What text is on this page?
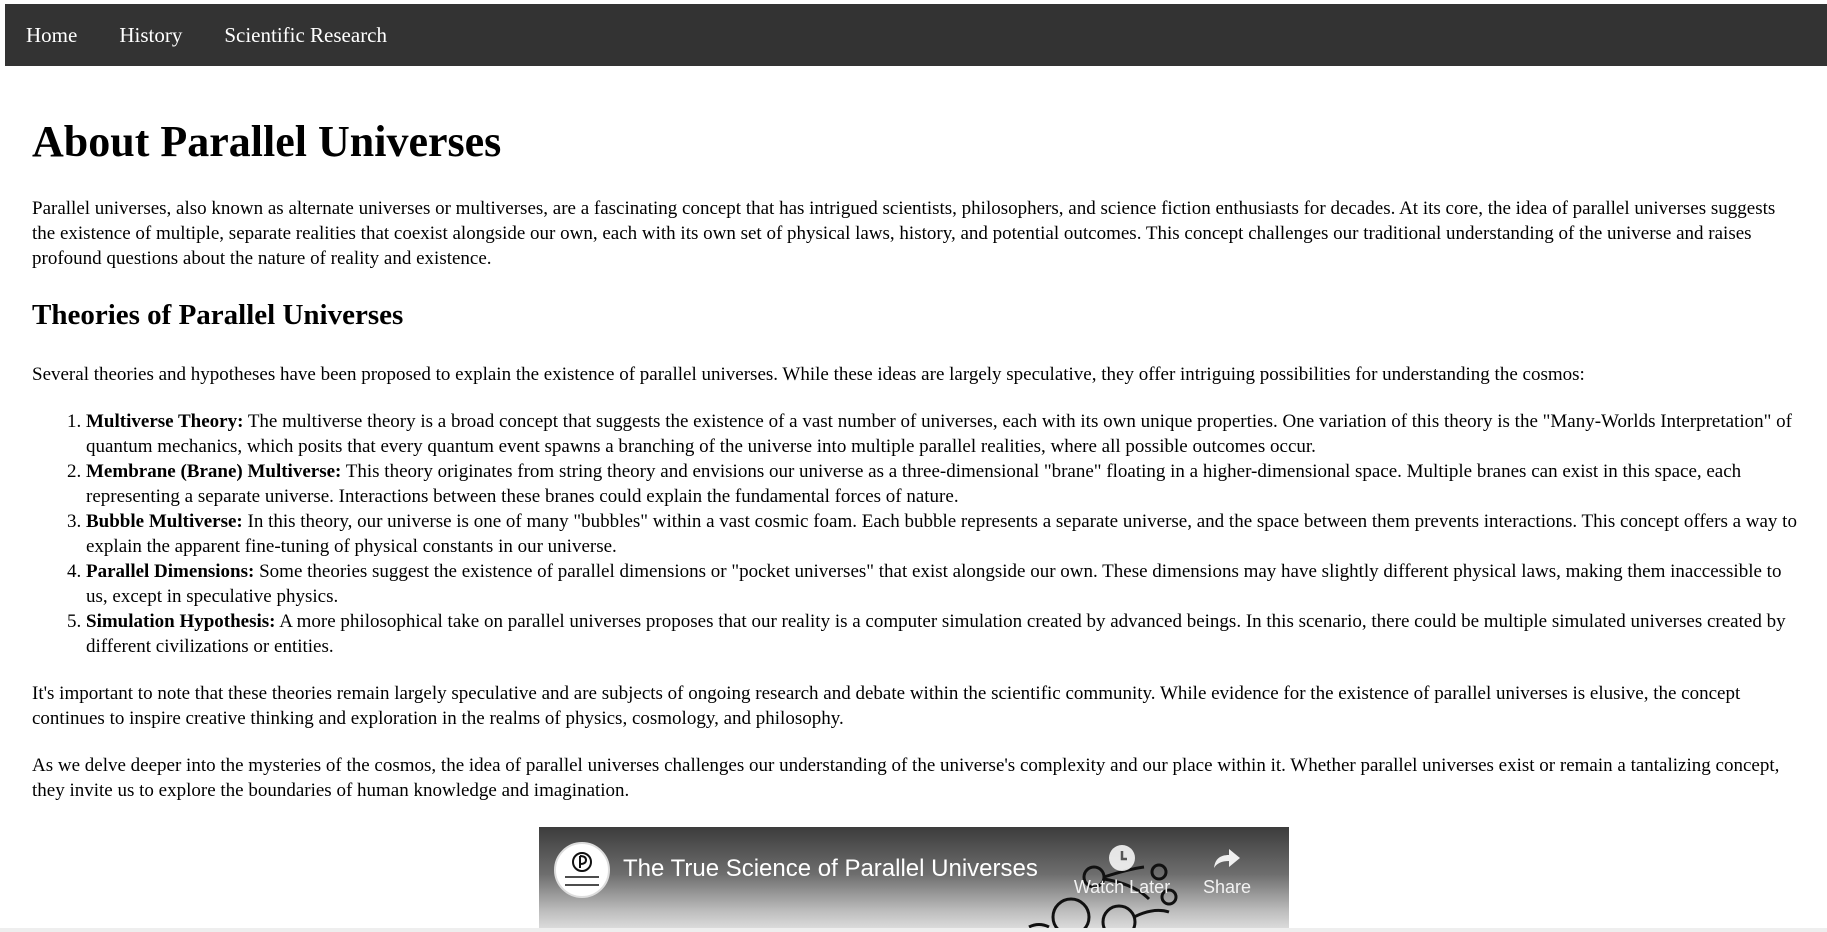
Home	History	Scientific Research
About Parallel Universes

Parallel universes, also known as alternate universes or multiverses, are a fascinating concept that has intrigued scientists, philosophers, and science fiction enthusiasts for decades. At its core, the idea of parallel universes suggests the existence of multiple, separate realities that coexist alongside our own, each with its own set of physical laws, history, and potential outcomes. This concept challenges our traditional understanding of the universe and raises profound questions about the nature of reality and existence.

Theories of Parallel Universes

Several theories and hypotheses have been proposed to explain the existence of parallel universes. While these ideas are largely speculative, they offer intriguing possibilities for understanding the cosmos:

1. Multiverse Theory: The multiverse theory is a broad concept that suggests the existence of a vast number of universes, each with its own unique properties. One variation of this theory is the "Many-Worlds Interpretation" of quantum mechanics, which posits that every quantum event spawns a branching of the universe into multiple parallel realities, where all possible outcomes occur.
2. Membrane (Brane) Multiverse: This theory originates from string theory and envisions our universe as a three-dimensional "brane" floating in a higher-dimensional space. Multiple branes can exist in this space, each representing a separate universe. Interactions between these branes could explain the fundamental forces of nature.
3. Bubble Multiverse: In this theory, our universe is one of many "bubbles" within a vast cosmic foam. Each bubble represents a separate universe, and the space between them prevents interactions. This concept offers a way to explain the apparent fine-tuning of physical constants in our universe.
4. Parallel Dimensions: Some theories suggest the existence of parallel dimensions or "pocket universes" that exist alongside our own. These dimensions may have slightly different physical laws, making them inaccessible to us, except in speculative physics.
5. Simulation Hypothesis: A more philosophical take on parallel universes proposes that our reality is a computer simulation created by advanced beings. In this scenario, there could be multiple simulated universes created by different civilizations or entities.

It's important to note that these theories remain largely speculative and are subjects of ongoing research and debate within the scientific community. While evidence for the existence of parallel universes is elusive, the concept continues to inspire creative thinking and exploration in the realms of physics, cosmology, and philosophy.

As we delve deeper into the mysteries of the cosmos, the idea of parallel universes challenges our understanding of the universe's complexity and our place within it. Whether parallel universes exist or remain a tantalizing concept, they invite us to explore the boundaries of human knowledge and imagination.

The True Science of Parallel Universes
Watch Later	Share
